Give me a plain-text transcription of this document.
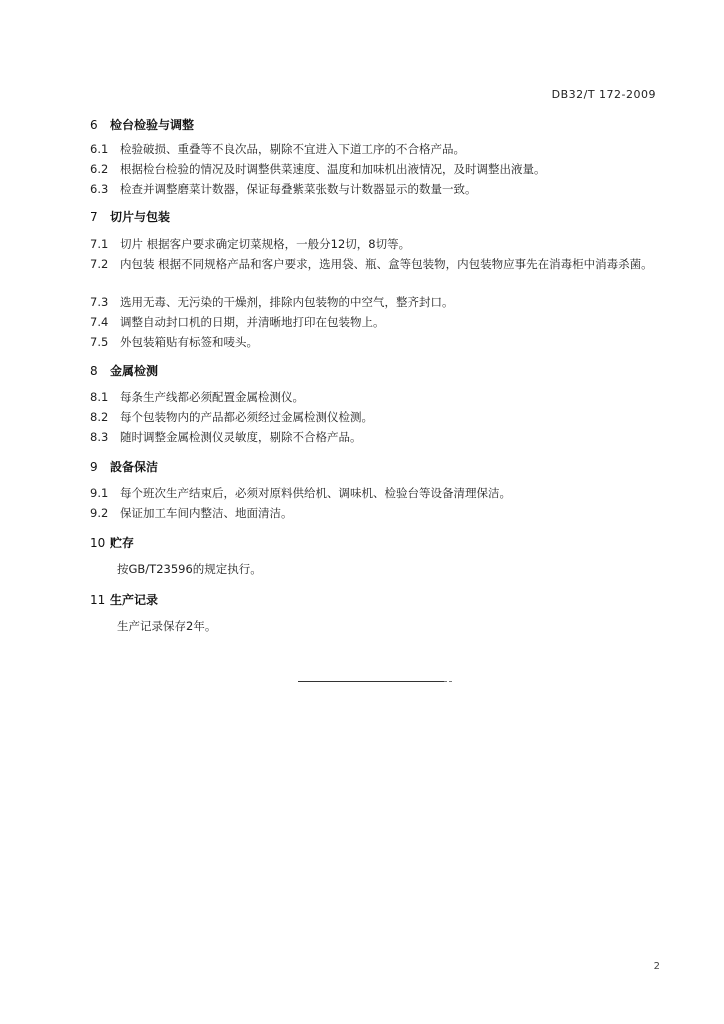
DB32/T 172-2009
6 检台检验与调整
6.1 检验破损、重叠等不良次品，剔除不宜进入下道工序的不合格产品。
6.2 根据检台检验的情况及时调整供菜速度、温度和加味机出液情况，及时调整出液量。
6.3 检查并调整磨菜计数器，保证每叠紫菜张数与计数器显示的数量一致。
7 切片与包装
7.1 切片 根据客户要求确定切菜规格，一般分12切，8切等。
7.2 内包装 根据不同规格产品和客户要求，选用袋、瓶、盒等包装物，内包装物应事先在消毒柜中消毒杀菌。
7.3 选用无毒、无污染的干燥剂，排除内包装物的中空气，整齐封口。
7.4 调整自动封口机的日期，并清晰地打印在包装物上。
7.5 外包装箱贴有标签和唛头。
8 金属检测
8.1 每条生产线都必须配置金属检测仪。
8.2 每个包装物内的产品都必须经过金属检测仪检测。
8.3 随时调整金属检测仪灵敏度，剔除不合格产品。
9 設备保洁
9.1 每个班次生产结束后，必须对原料供给机、调味机、检验台等设备清理保洁。
9.2 保证加工车间内整洁、地面清洁。
10 贮存
按GB/T23596的规定执行。
11 生产记录
生产记录保存2年。
2
